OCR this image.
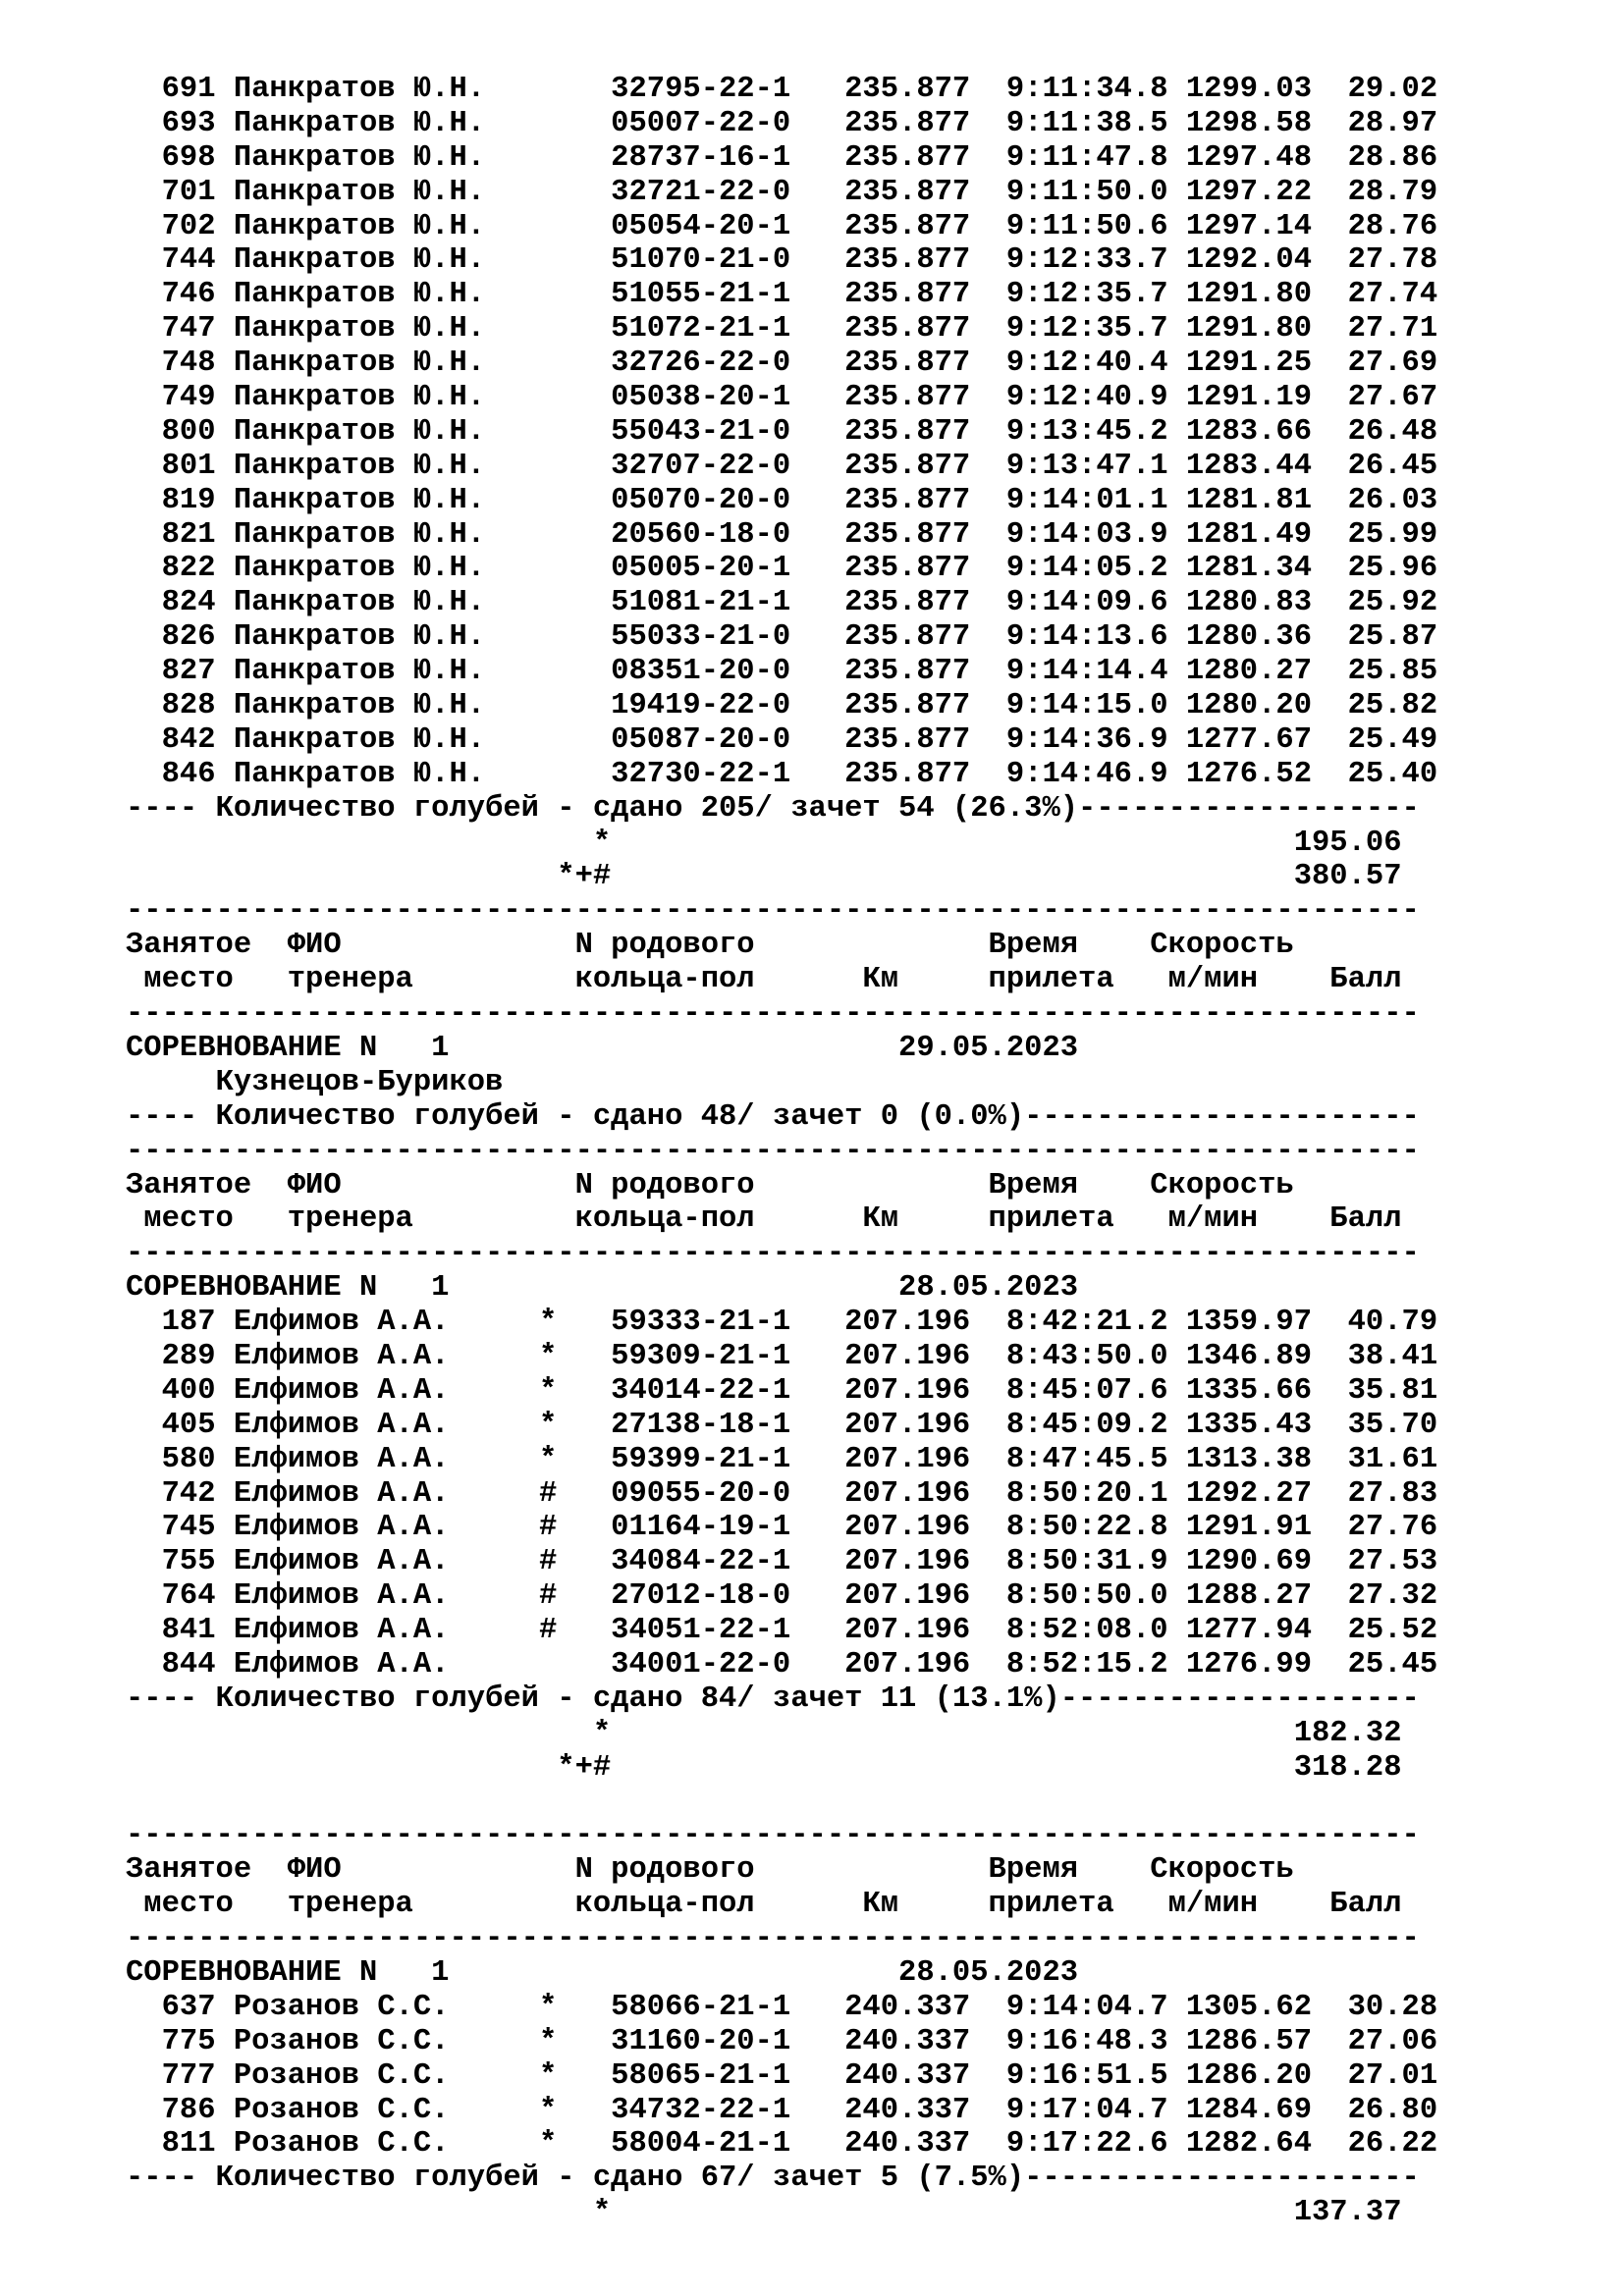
691 Панкратов Ю.Н.       32795-22-1   235.877  9:11:34.8 1299.03  29.02
693 Панкратов Ю.Н.       05007-22-0   235.877  9:11:38.5 1298.58  28.97
698 Панкратов Ю.Н.       28737-16-1   235.877  9:11:47.8 1297.48  28.86
701 Панкратов Ю.Н.       32721-22-0   235.877  9:11:50.0 1297.22  28.79
702 Панкратов Ю.Н.       05054-20-1   235.877  9:11:50.6 1297.14  28.76
744 Панкратов Ю.Н.       51070-21-0   235.877  9:12:33.7 1292.04  27.78
746 Панкратов Ю.Н.       51055-21-1   235.877  9:12:35.7 1291.80  27.74
747 Панкратов Ю.Н.       51072-21-1   235.877  9:12:35.7 1291.80  27.71
748 Панкратов Ю.Н.       32726-22-0   235.877  9:12:40.4 1291.25  27.69
749 Панкратов Ю.Н.       05038-20-1   235.877  9:12:40.9 1291.19  27.67
800 Панкратов Ю.Н.       55043-21-0   235.877  9:13:45.2 1283.66  26.48
801 Панкратов Ю.Н.       32707-22-0   235.877  9:13:47.1 1283.44  26.45
819 Панкратов Ю.Н.       05070-20-0   235.877  9:14:01.1 1281.81  26.03
821 Панкратов Ю.Н.       20560-18-0   235.877  9:14:03.9 1281.49  25.99
822 Панкратов Ю.Н.       05005-20-1   235.877  9:14:05.2 1281.34  25.96
824 Панкратов Ю.Н.       51081-21-1   235.877  9:14:09.6 1280.83  25.92
826 Панкратов Ю.Н.       55033-21-0   235.877  9:14:13.6 1280.36  25.87
827 Панкратов Ю.Н.       08351-20-0   235.877  9:14:14.4 1280.27  25.85
828 Панкратов Ю.Н.       19419-22-0   235.877  9:14:15.0 1280.20  25.82
842 Панкратов Ю.Н.       05087-20-0   235.877  9:14:36.9 1277.67  25.49
846 Панкратов Ю.Н.       32730-22-1   235.877  9:14:46.9 1276.52  25.40
---- Количество голубей - сдано 205/ зачет 54 (26.3%)-------------------
*                                      195.06
*+#                                      380.57
------------------------------------------------------------------------
Занятое  ФИО             N родового             Время    Скорость
место   тренера         кольца-пол      Км     прилета   м/мин    Балл
------------------------------------------------------------------------
СОРЕВНОВАНИЕ N   1                         29.05.2023
Кузнецов-Буриков
---- Количество голубей - сдано 48/ зачет 0 (0.0%)----------------------
------------------------------------------------------------------------
Занятое  ФИО             N родового             Время    Скорость
место   тренера         кольца-пол      Км     прилета   м/мин    Балл
------------------------------------------------------------------------
СОРЕВНОВАНИЕ N   1                         28.05.2023
187 Елфимов А.А.     *   59333-21-1   207.196  8:42:21.2 1359.97  40.79
289 Елфимов А.А.     *   59309-21-1   207.196  8:43:50.0 1346.89  38.41
400 Елфимов А.А.     *   34014-22-1   207.196  8:45:07.6 1335.66  35.81
405 Елфимов А.А.     *   27138-18-1   207.196  8:45:09.2 1335.43  35.70
580 Елфимов А.А.     *   59399-21-1   207.196  8:47:45.5 1313.38  31.61
742 Елфимов А.А.     #   09055-20-0   207.196  8:50:20.1 1292.27  27.83
745 Елфимов А.А.     #   01164-19-1   207.196  8:50:22.8 1291.91  27.76
755 Елфимов А.А.     #   34084-22-1   207.196  8:50:31.9 1290.69  27.53
764 Елфимов А.А.     #   27012-18-0   207.196  8:50:50.0 1288.27  27.32
841 Елфимов А.А.     #   34051-22-1   207.196  8:52:08.0 1277.94  25.52
844 Елфимов А.А.         34001-22-0   207.196  8:52:15.2 1276.99  25.45
---- Количество голубей - сдано 84/ зачет 11 (13.1%)--------------------
*                                      182.32
*+#                                      318.28
------------------------------------------------------------------------
Занятое  ФИО             N родового             Время    Скорость
место   тренера         кольца-пол      Км     прилета   м/мин    Балл
------------------------------------------------------------------------
СОРЕВНОВАНИЕ N   1                         28.05.2023
637 Розанов С.С.     *   58066-21-1   240.337  9:14:04.7 1305.62  30.28
775 Розанов С.С.     *   31160-20-1   240.337  9:16:48.3 1286.57  27.06
777 Розанов С.С.     *   58065-21-1   240.337  9:16:51.5 1286.20  27.01
786 Розанов С.С.     *   34732-22-1   240.337  9:17:04.7 1284.69  26.80
811 Розанов С.С.     *   58004-21-1   240.337  9:17:22.6 1282.64  26.22
---- Количество голубей - сдано 67/ зачет 5 (7.5%)----------------------
*                                      137.37
